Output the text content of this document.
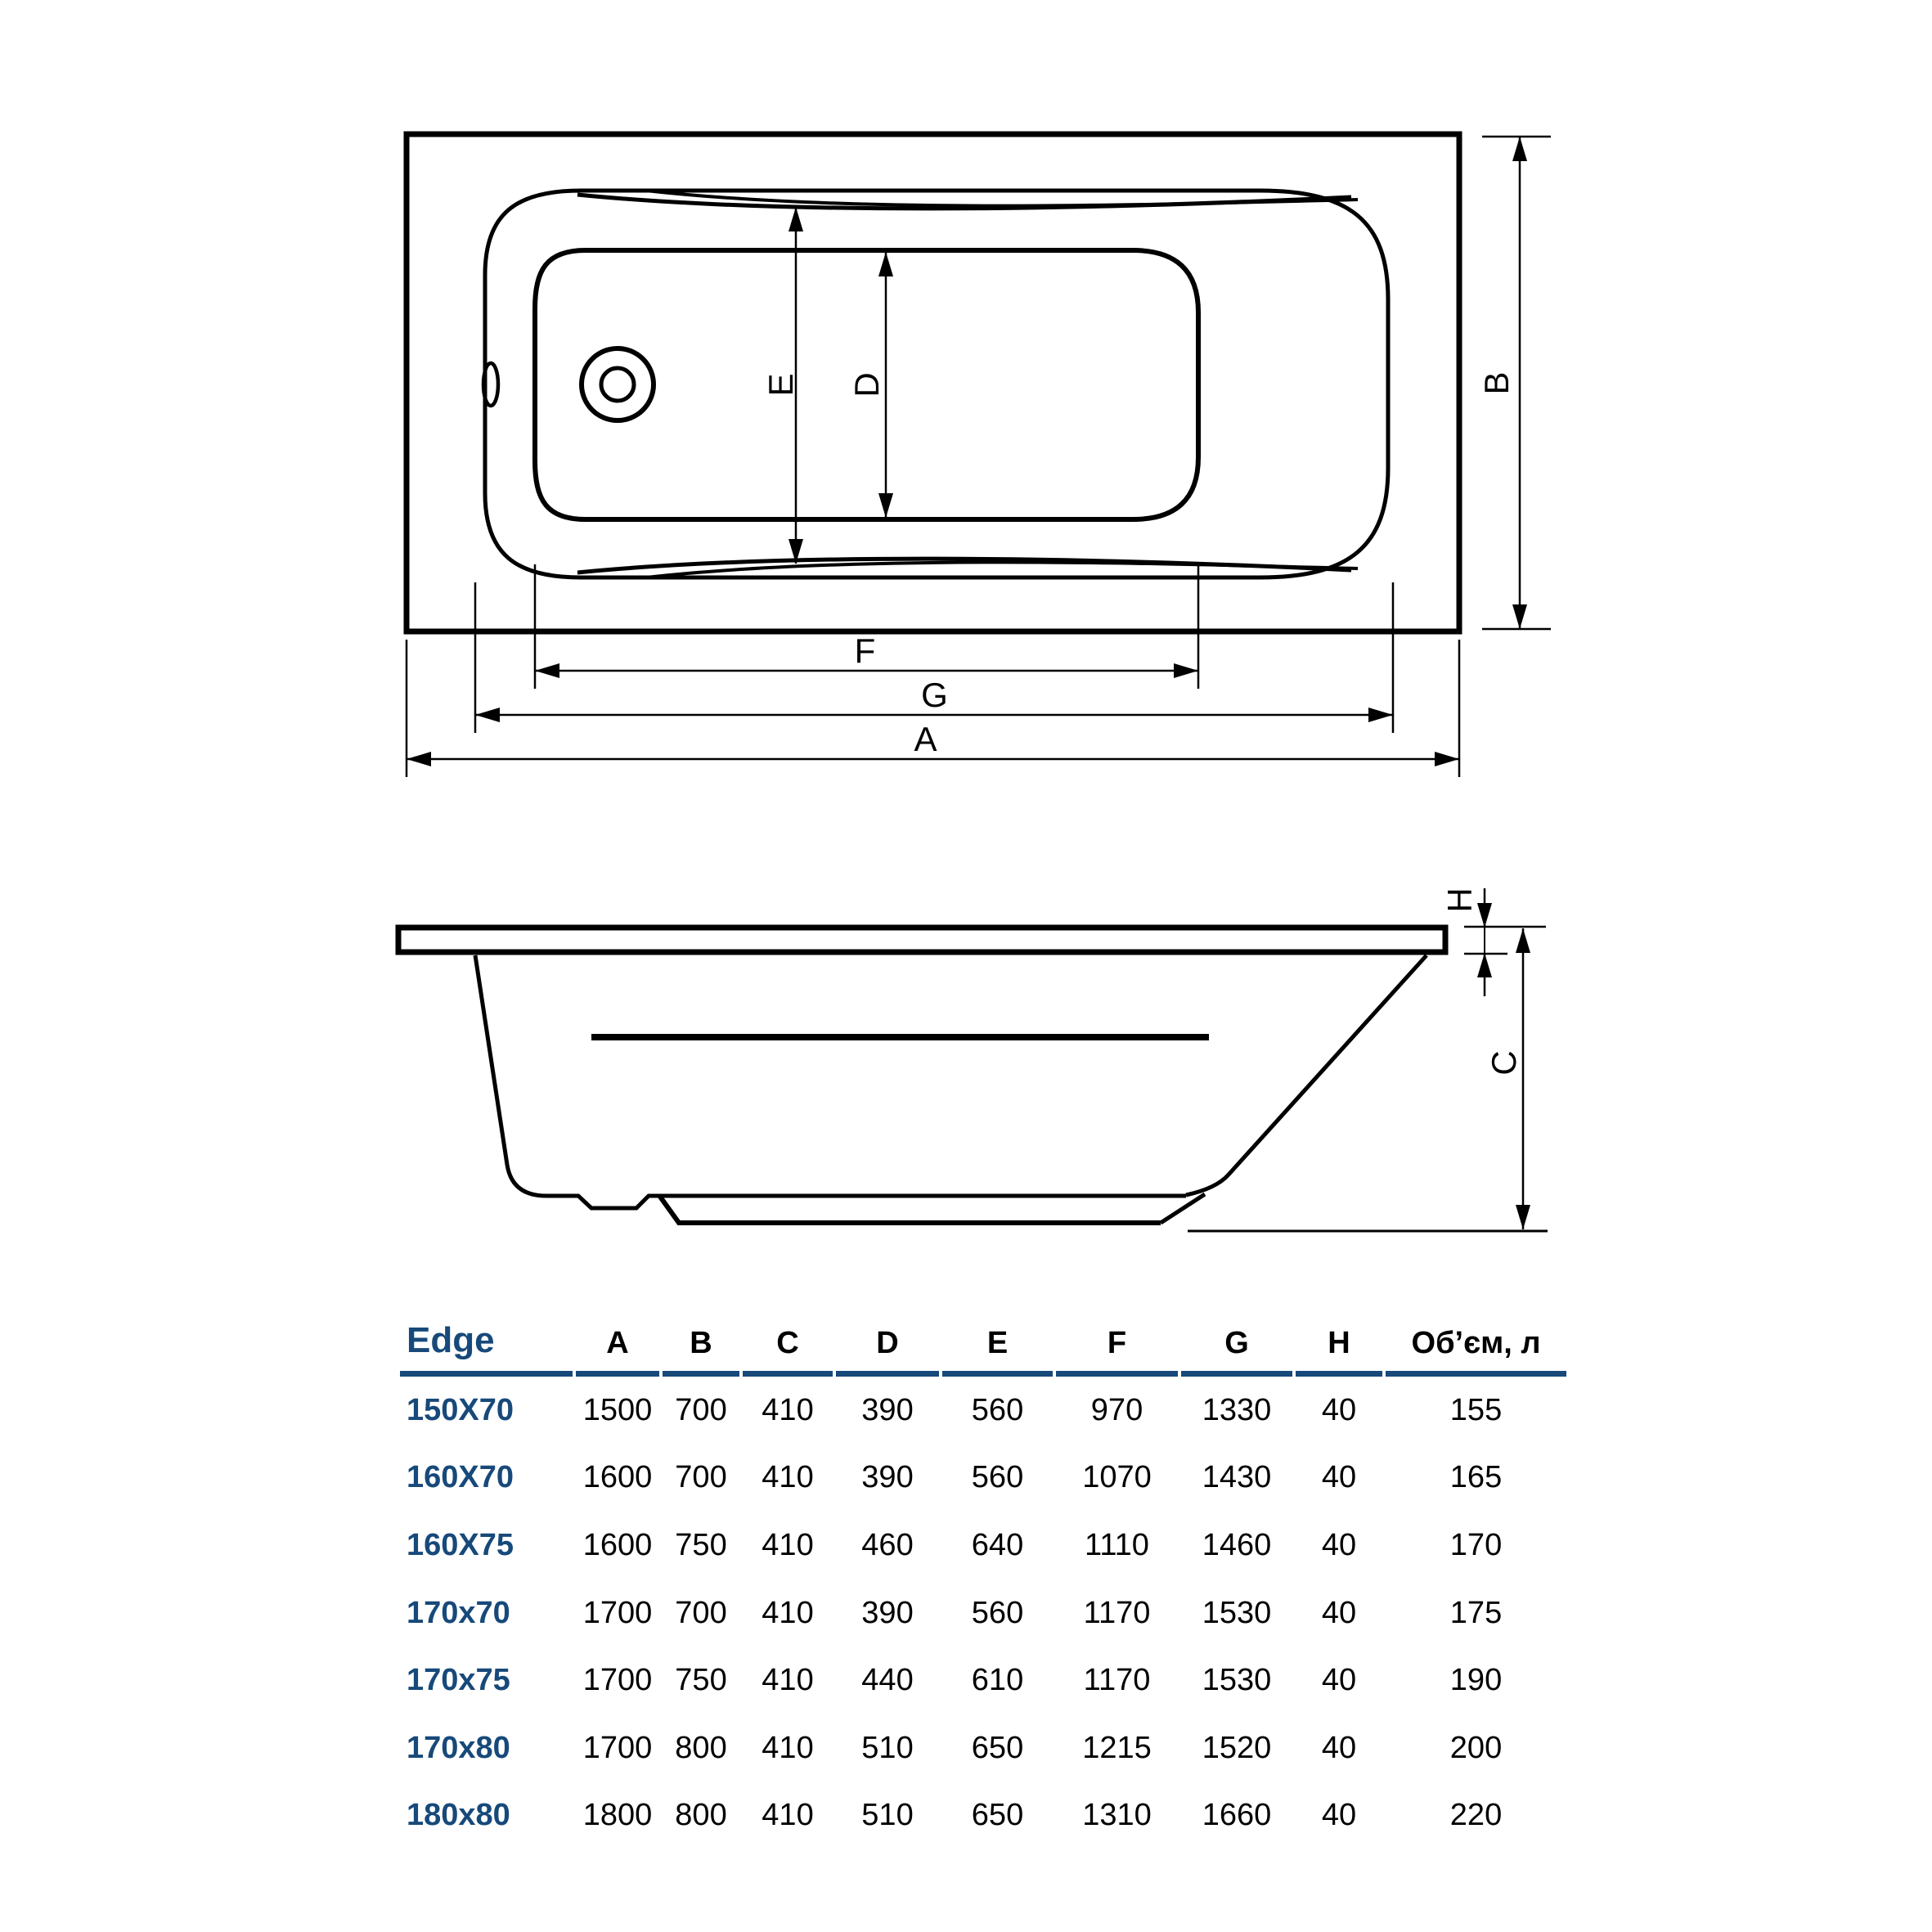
E D	B
F
G
A
H
C
Edge	A	B	C	D	E	F	G	H	Об’єм, л
150X70	1500	700	410	390	560	970	1330	40	155
160X70	1600	700	410	390	560	1070	1430	40	165
160X75	1600	750	410	460	640	1110	1460	40	170
170x70	1700	700	410	390	560	1170	1530	40	175
170x75	1700	750	410	440	610	1170	1530	40	190
170x80	1700	800	410	510	650	1215	1520	40	200
180x80	1800	800	410	510	650	1310	1660	40	220
